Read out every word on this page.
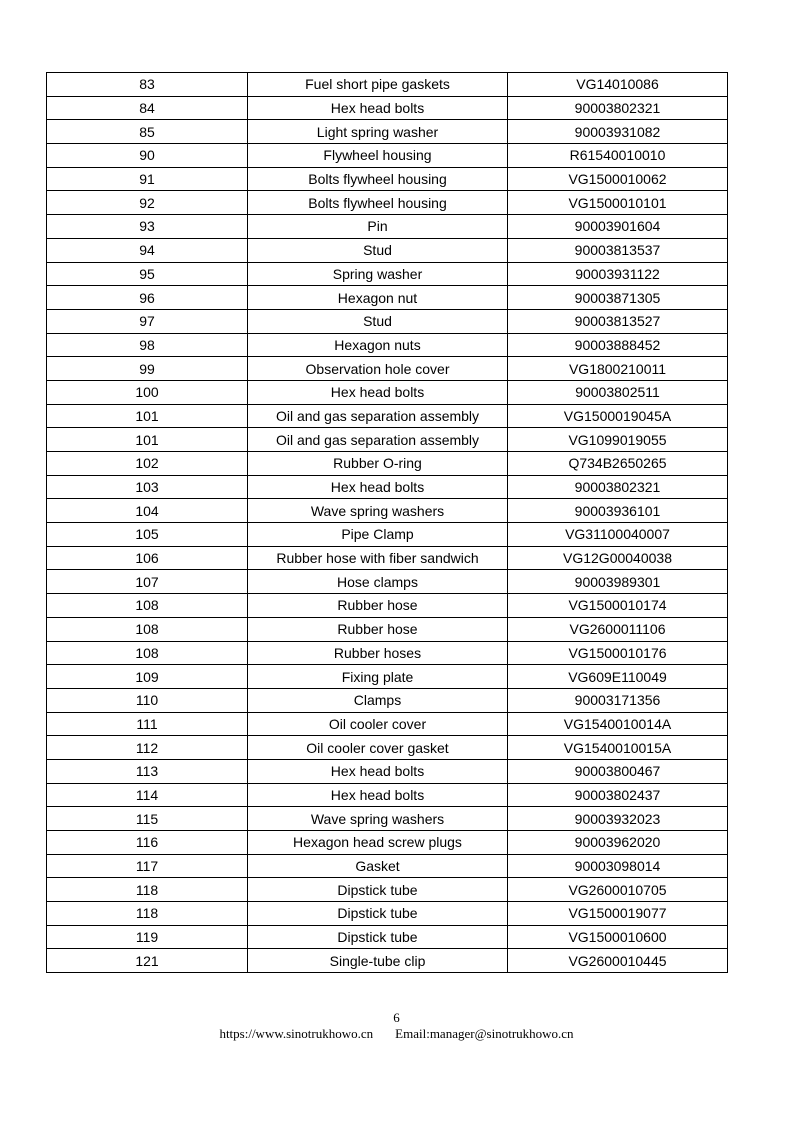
83	Fuel short pipe gaskets	VG14010086
84	Hex head bolts	90003802321
85	Light spring washer	90003931082
90	Flywheel housing	R61540010010
91	Bolts flywheel housing	VG1500010062
92	Bolts flywheel housing	VG1500010101
93	Pin	90003901604
94	Stud	90003813537
95	Spring washer	90003931122
96	Hexagon nut	90003871305
97	Stud	90003813527
98	Hexagon nuts	90003888452
99	Observation hole cover	VG1800210011
100	Hex head bolts	90003802511
101	Oil and gas separation assembly	VG1500019045A
101	Oil and gas separation assembly	VG1099019055
102	Rubber O-ring	Q734B2650265
103	Hex head bolts	90003802321
104	Wave spring washers	90003936101
105	Pipe Clamp	VG31100040007
106	Rubber hose with fiber sandwich	VG12G00040038
107	Hose clamps	90003989301
108	Rubber hose	VG1500010174
108	Rubber hose	VG2600011106
108	Rubber hoses	VG1500010176
109	Fixing plate	VG609E110049
110	Clamps	90003171356
111	Oil cooler cover	VG1540010014A
112	Oil cooler cover gasket	VG1540010015A
113	Hex head bolts	90003800467
114	Hex head bolts	90003802437
115	Wave spring washers	90003932023
116	Hexagon head screw plugs	90003962020
117	Gasket	90003098014
118	Dipstick tube	VG2600010705
118	Dipstick tube	VG1500019077
119	Dipstick tube	VG1500010600
121	Single-tube clip	VG2600010445
6
https://www.sinotrukhowo.cn Email:manager@sinotrukhowo.cn
